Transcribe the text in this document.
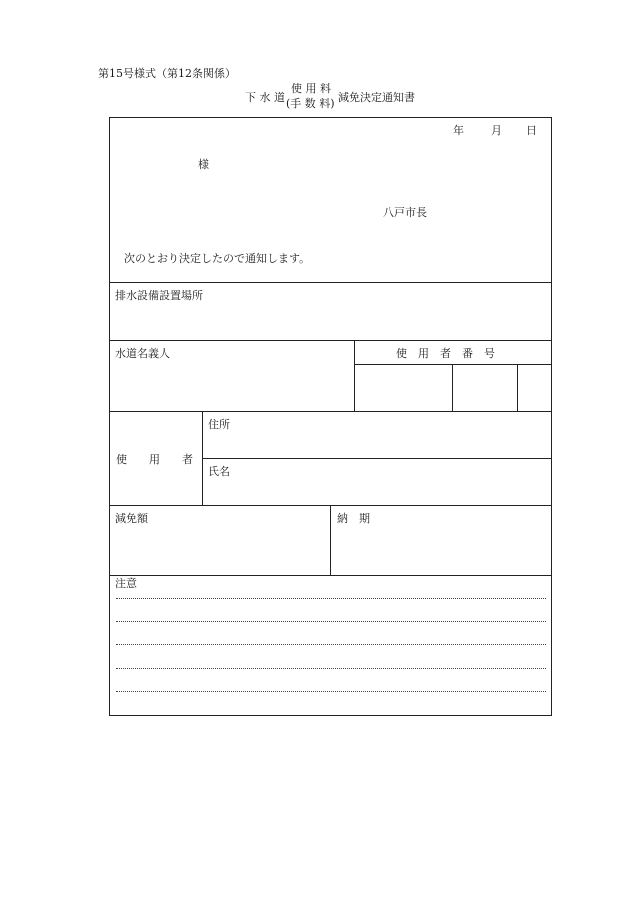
第15号様式（第12条関係）
下 水 道
使 用 料
(手 数 料) 減免決定通知書
年 月 日
様
八戸市長
次のとおり決定したので通知します。
排水設備設置場所
水道名義人	使　用　者　番　号
使　　用　　者
住所
氏名
減免額	納　期
注意
